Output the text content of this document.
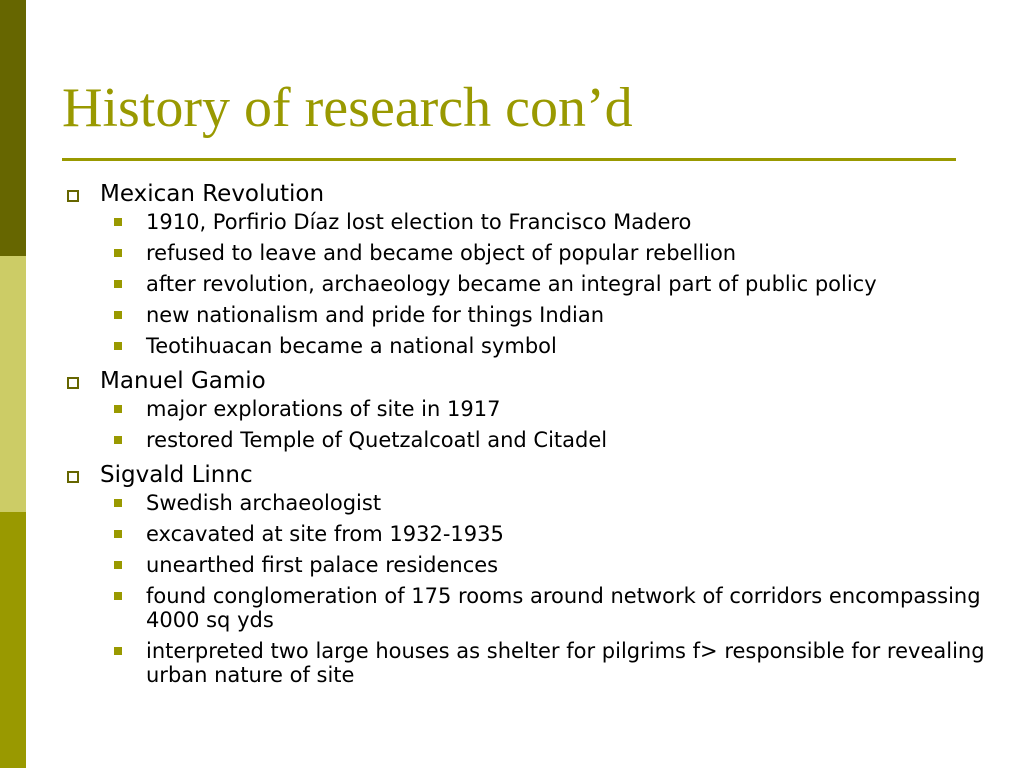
History of research con’d
Mexican Revolution
1910, Porfirio Díaz lost election to Francisco Madero
refused to leave and became object of popular rebellion
after revolution, archaeology became an integral part of public policy
new nationalism and pride for things Indian
Teotihuacan became a national symbol
Manuel Gamio
major explorations of site in 1917
restored Temple of Quetzalcoatl and Citadel
Sigvald Linnc
Swedish archaeologist
excavated at site from 1932-1935
unearthed first palace residences
found conglomeration of 175 rooms around network of corridors encompassing 4000 sq yds
interpreted two large houses as shelter for pilgrims f> responsible for revealing urban nature of site
